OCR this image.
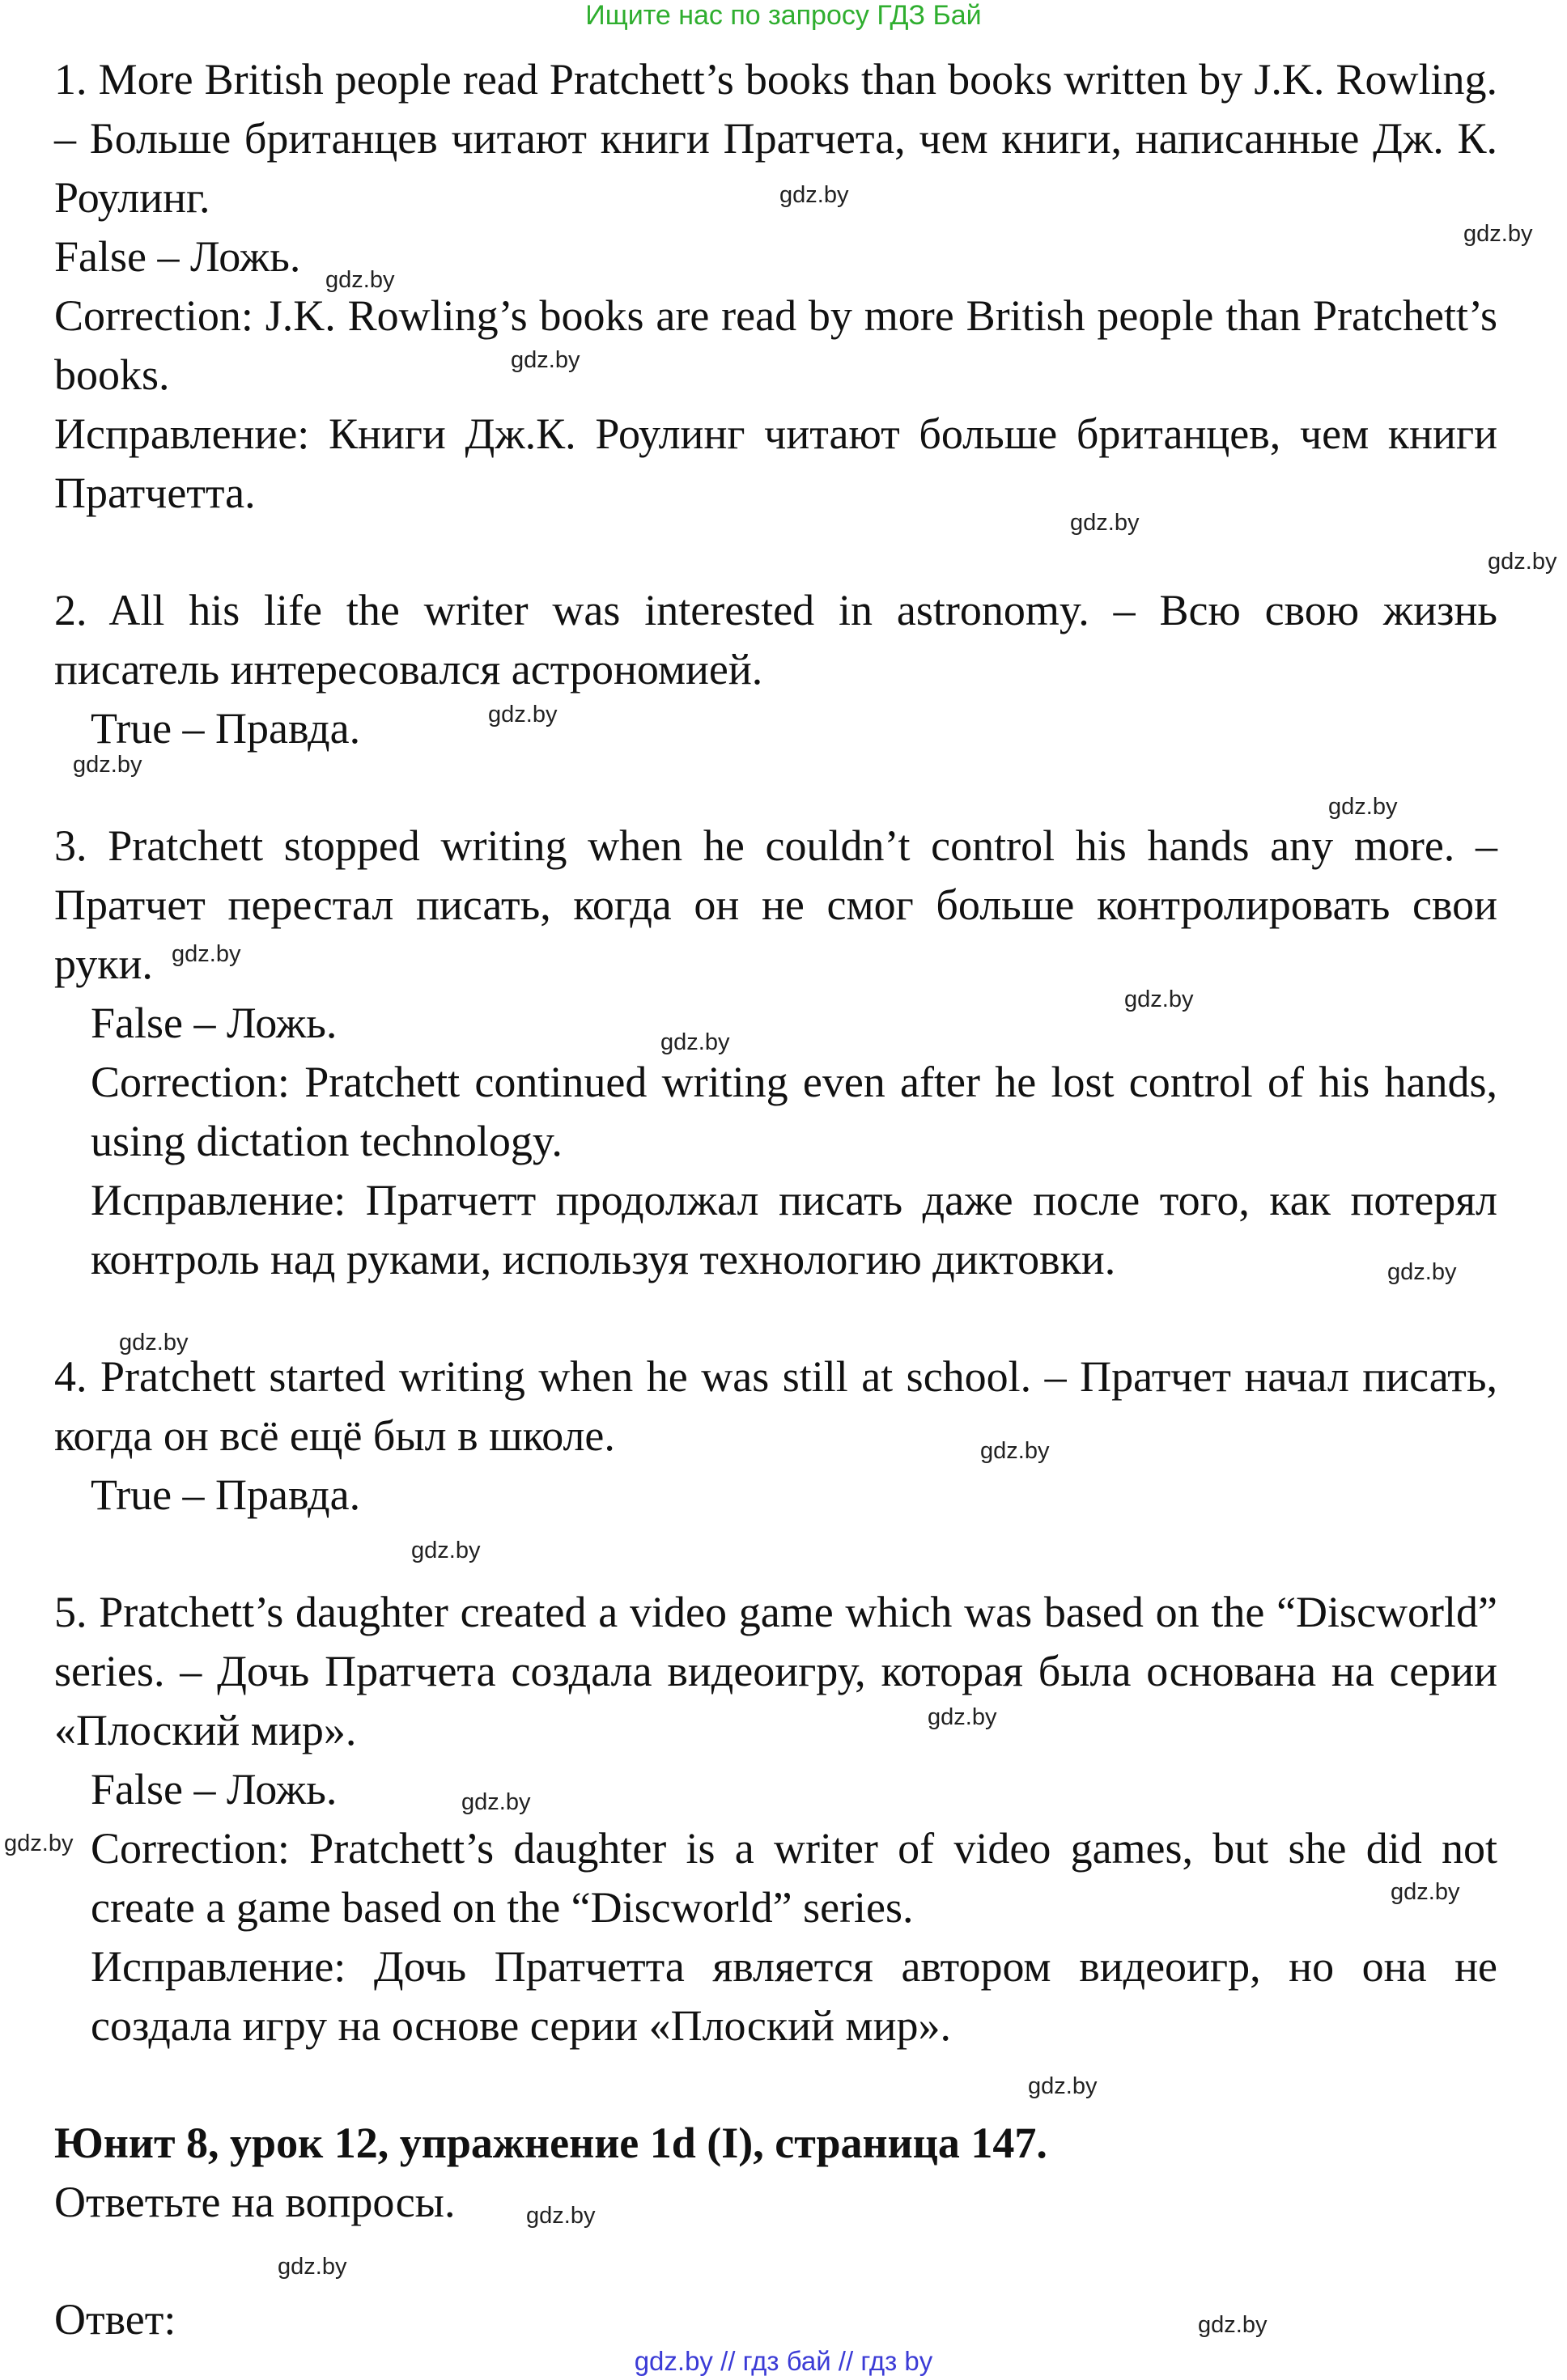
Ищите нас по запросу ГДЗ Бай

1. More British people read Pratchett’s books than books written by J.K. Rowling. – Больше британцев читают книги Пратчета, чем книги, написанные Дж. К. Роулинг.

False – Ложь.

Correction: J.K. Rowling’s books are read by more British people than Pratchett’s books.

Исправление: Книги Дж.К. Роулинг читают больше британцев, чем книги Пратчетта.

2. All his life the writer was interested in astronomy. – Всю свою жизнь писатель интересовался астрономией.

True – Правда.

3. Pratchett stopped writing when he couldn’t control his hands any more. – Пратчет перестал писать, когда он не смог больше контролировать свои руки.

False – Ложь.

Correction: Pratchett continued writing even after he lost control of his hands, using dictation technology.

Исправление: Пратчетт продолжал писать даже после того, как потерял контроль над руками, используя технологию диктовки.

4. Pratchett started writing when he was still at school. – Пратчет начал писать, когда он всё ещё был в школе.

True – Правда.

5. Pratchett’s daughter created a video game which was based on the “Discworld” series. – Дочь Пратчета создала видеоигру, которая была основана на серии «Плоский мир».

False – Ложь.

Correction: Pratchett’s daughter is a writer of video games, but she did not create a game based on the “Discworld” series.

Исправление: Дочь Пратчетта является автором видеоигр, но она не создала игру на основе серии «Плоский мир».

Юнит 8, урок 12, упражнение 1d (I), страница 147.

Ответьте на вопросы.

Ответ:

gdz.by
gdz.by
gdz.by
gdz.by
gdz.by
gdz.by
gdz.by
gdz.by
gdz.by
gdz.by
gdz.by
gdz.by
gdz.by
gdz.by
gdz.by
gdz.by
gdz.by
gdz.by
gdz.by
gdz.by
gdz.by
gdz.by
gdz.by
gdz.by
gdz.by // гдз бай // гдз by
